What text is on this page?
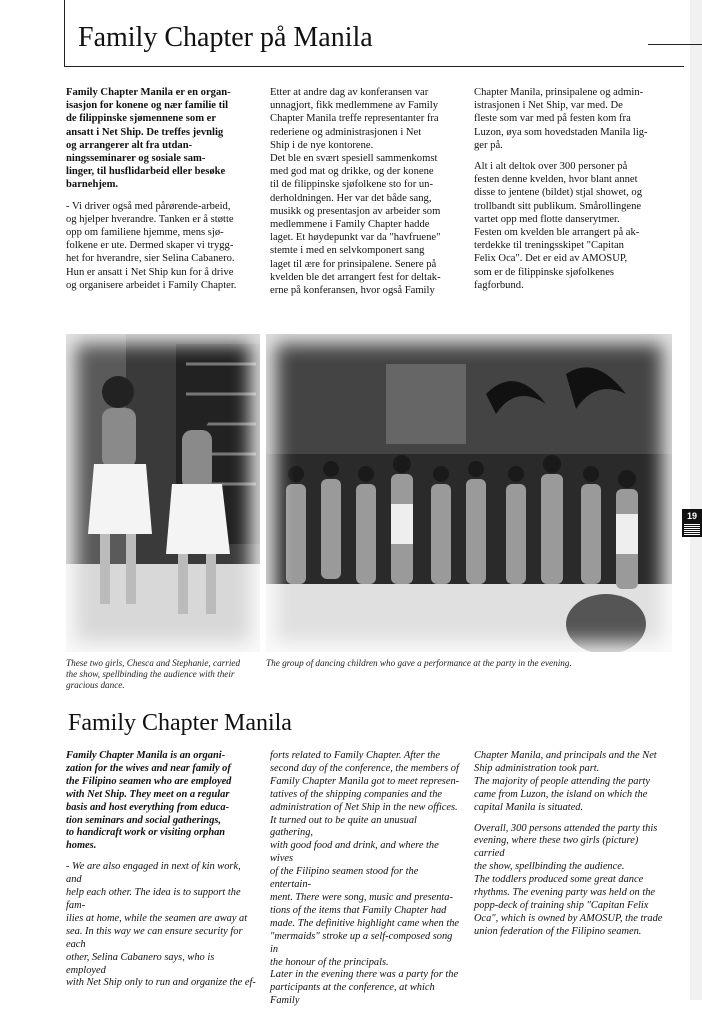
Family Chapter på Manila

Family Chapter Manila er en organ-
isasjon for konene og nær familie til
de filippinske sjømennene som er
ansatt i Net Ship. De treffes jevnlig
og arrangerer alt fra utdan-
ningsseminarer og sosiale sam-
linger, til husflidarbeid eller besøke
barnehjem.

- Vi driver også med pårørende-arbeid,
og hjelper hverandre. Tanken er å støtte
opp om familiene hjemme, mens sjø-
folkene er ute. Dermed skaper vi trygg-
het for hverandre, sier Selina Cabanero.
Hun er ansatt i Net Ship kun for å drive
og organisere arbeidet i Family Chapter.

Etter at andre dag av konferansen var
unnagjort, fikk medlemmene av Family
Chapter Manila treffe representanter fra
rederiene og administrasjonen i Net
Ship i de nye kontorene.
Det ble en svært spesiell sammenkomst
med god mat og drikke, og der konene
til de filippinske sjøfolkene sto for un-
derholdningen. Her var det både sang,
musikk og presentasjon av arbeider som
medlemmene i Family Chapter hadde
laget. Et høydepunkt var da "havfruene"
stemte i med en selvkomponert sang
laget til ære for prinsipalene. Senere på
kvelden ble det arrangert fest for deltak-
erne på konferansen, hvor også Family

Chapter Manila, prinsipalene og admin-
istrasjonen i Net Ship, var med. De
fleste som var med på festen kom fra
Luzon, øya som hovedstaden Manila lig-
ger på.

Alt i alt deltok over 300 personer på
festen denne kvelden, hvor blant annet
disse to jentene (bildet) stjal showet, og
trollbandt sitt publikum. Smårollingene
vartet opp med flotte danserytmer.
Festen om kvelden ble arrangert på ak-
terdekke til treningsskipet "Capitan
Felix Oca". Det er eid av AMOSUP,
som er de filippinske sjøfolkenes
fagforbund.

These two girls, Chesca and Stephanie, carried
the show, spellbinding the audience with their
gracious dance.
The group of dancing children who gave a performance at the party in the evening.
19
Family Chapter Manila

Family Chapter Manila is an organi-
zation for the wives and near family of
the Filipino seamen who are employed
with Net Ship. They meet on a regular
basis and host everything from educa-
tion seminars and social gatherings,
to handicraft work or visiting orphan
homes.

- We are also engaged in next of kin work, and
help each other. The idea is to support the fam-
ilies at home, while the seamen are away at
sea. In this way we can ensure security for each
other, Selina Cabanero says, who is employed
with Net Ship only to run and organize the ef-

forts related to Family Chapter. After the
second day of the conference, the members of
Family Chapter Manila got to meet represen-
tatives of the shipping companies and the
administration of Net Ship in the new offices.
It turned out to be quite an unusual gathering,
with good food and drink, and where the wives
of the Filipino seamen stood for the entertain-
ment. There were song, music and presenta-
tions of the items that Family Chapter had
made. The definitive highlight came when the
"mermaids" stroke up a self-composed song in
the honour of the principals.
Later in the evening there was a party for the
participants at the conference, at which Family

Chapter Manila, and principals and the Net
Ship administration took part.
The majority of people attending the party
came from Luzon, the island on which the
capital Manila is situated.

Overall, 300 persons attended the party this
evening, where these two girls (picture) carried
the show, spellbinding the audience.
The toddlers produced some great dance
rhythms. The evening party was held on the
popp-deck of training ship "Capitan Felix
Oca", which is owned by AMOSUP, the trade
union federation of the Filipino seamen.
